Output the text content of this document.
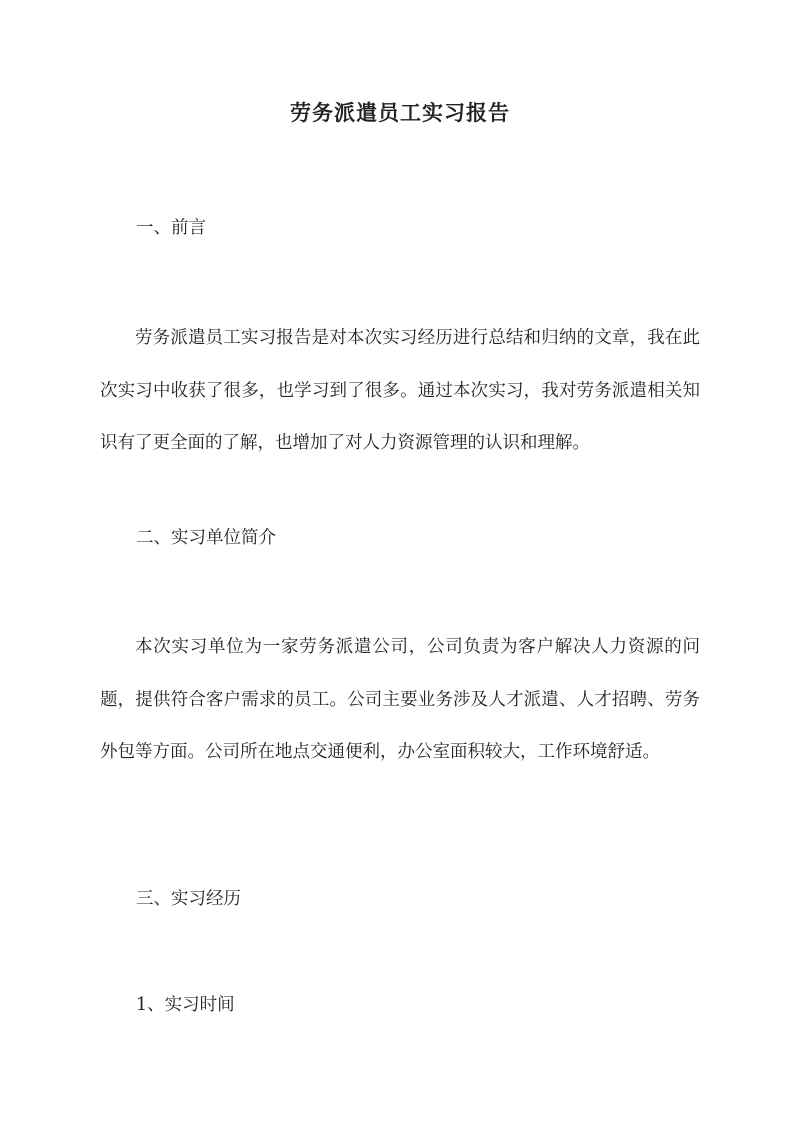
劳务派遣员工实习报告
一、前言

劳务派遣员工实习报告是对本次实习经历进行总结和归纳的文章，我在此次实习中收获了很多，也学习到了很多。通过本次实习，我对劳务派遣相关知识有了更全面的了解，也增加了对人力资源管理的认识和理解。

二、实习单位简介

本次实习单位为一家劳务派遣公司，公司负责为客户解决人力资源的问题，提供符合客户需求的员工。公司主要业务涉及人才派遣、人才招聘、劳务外包等方面。公司所在地点交通便利，办公室面积较大，工作环境舒适。

三、实习经历
1、实习时间
